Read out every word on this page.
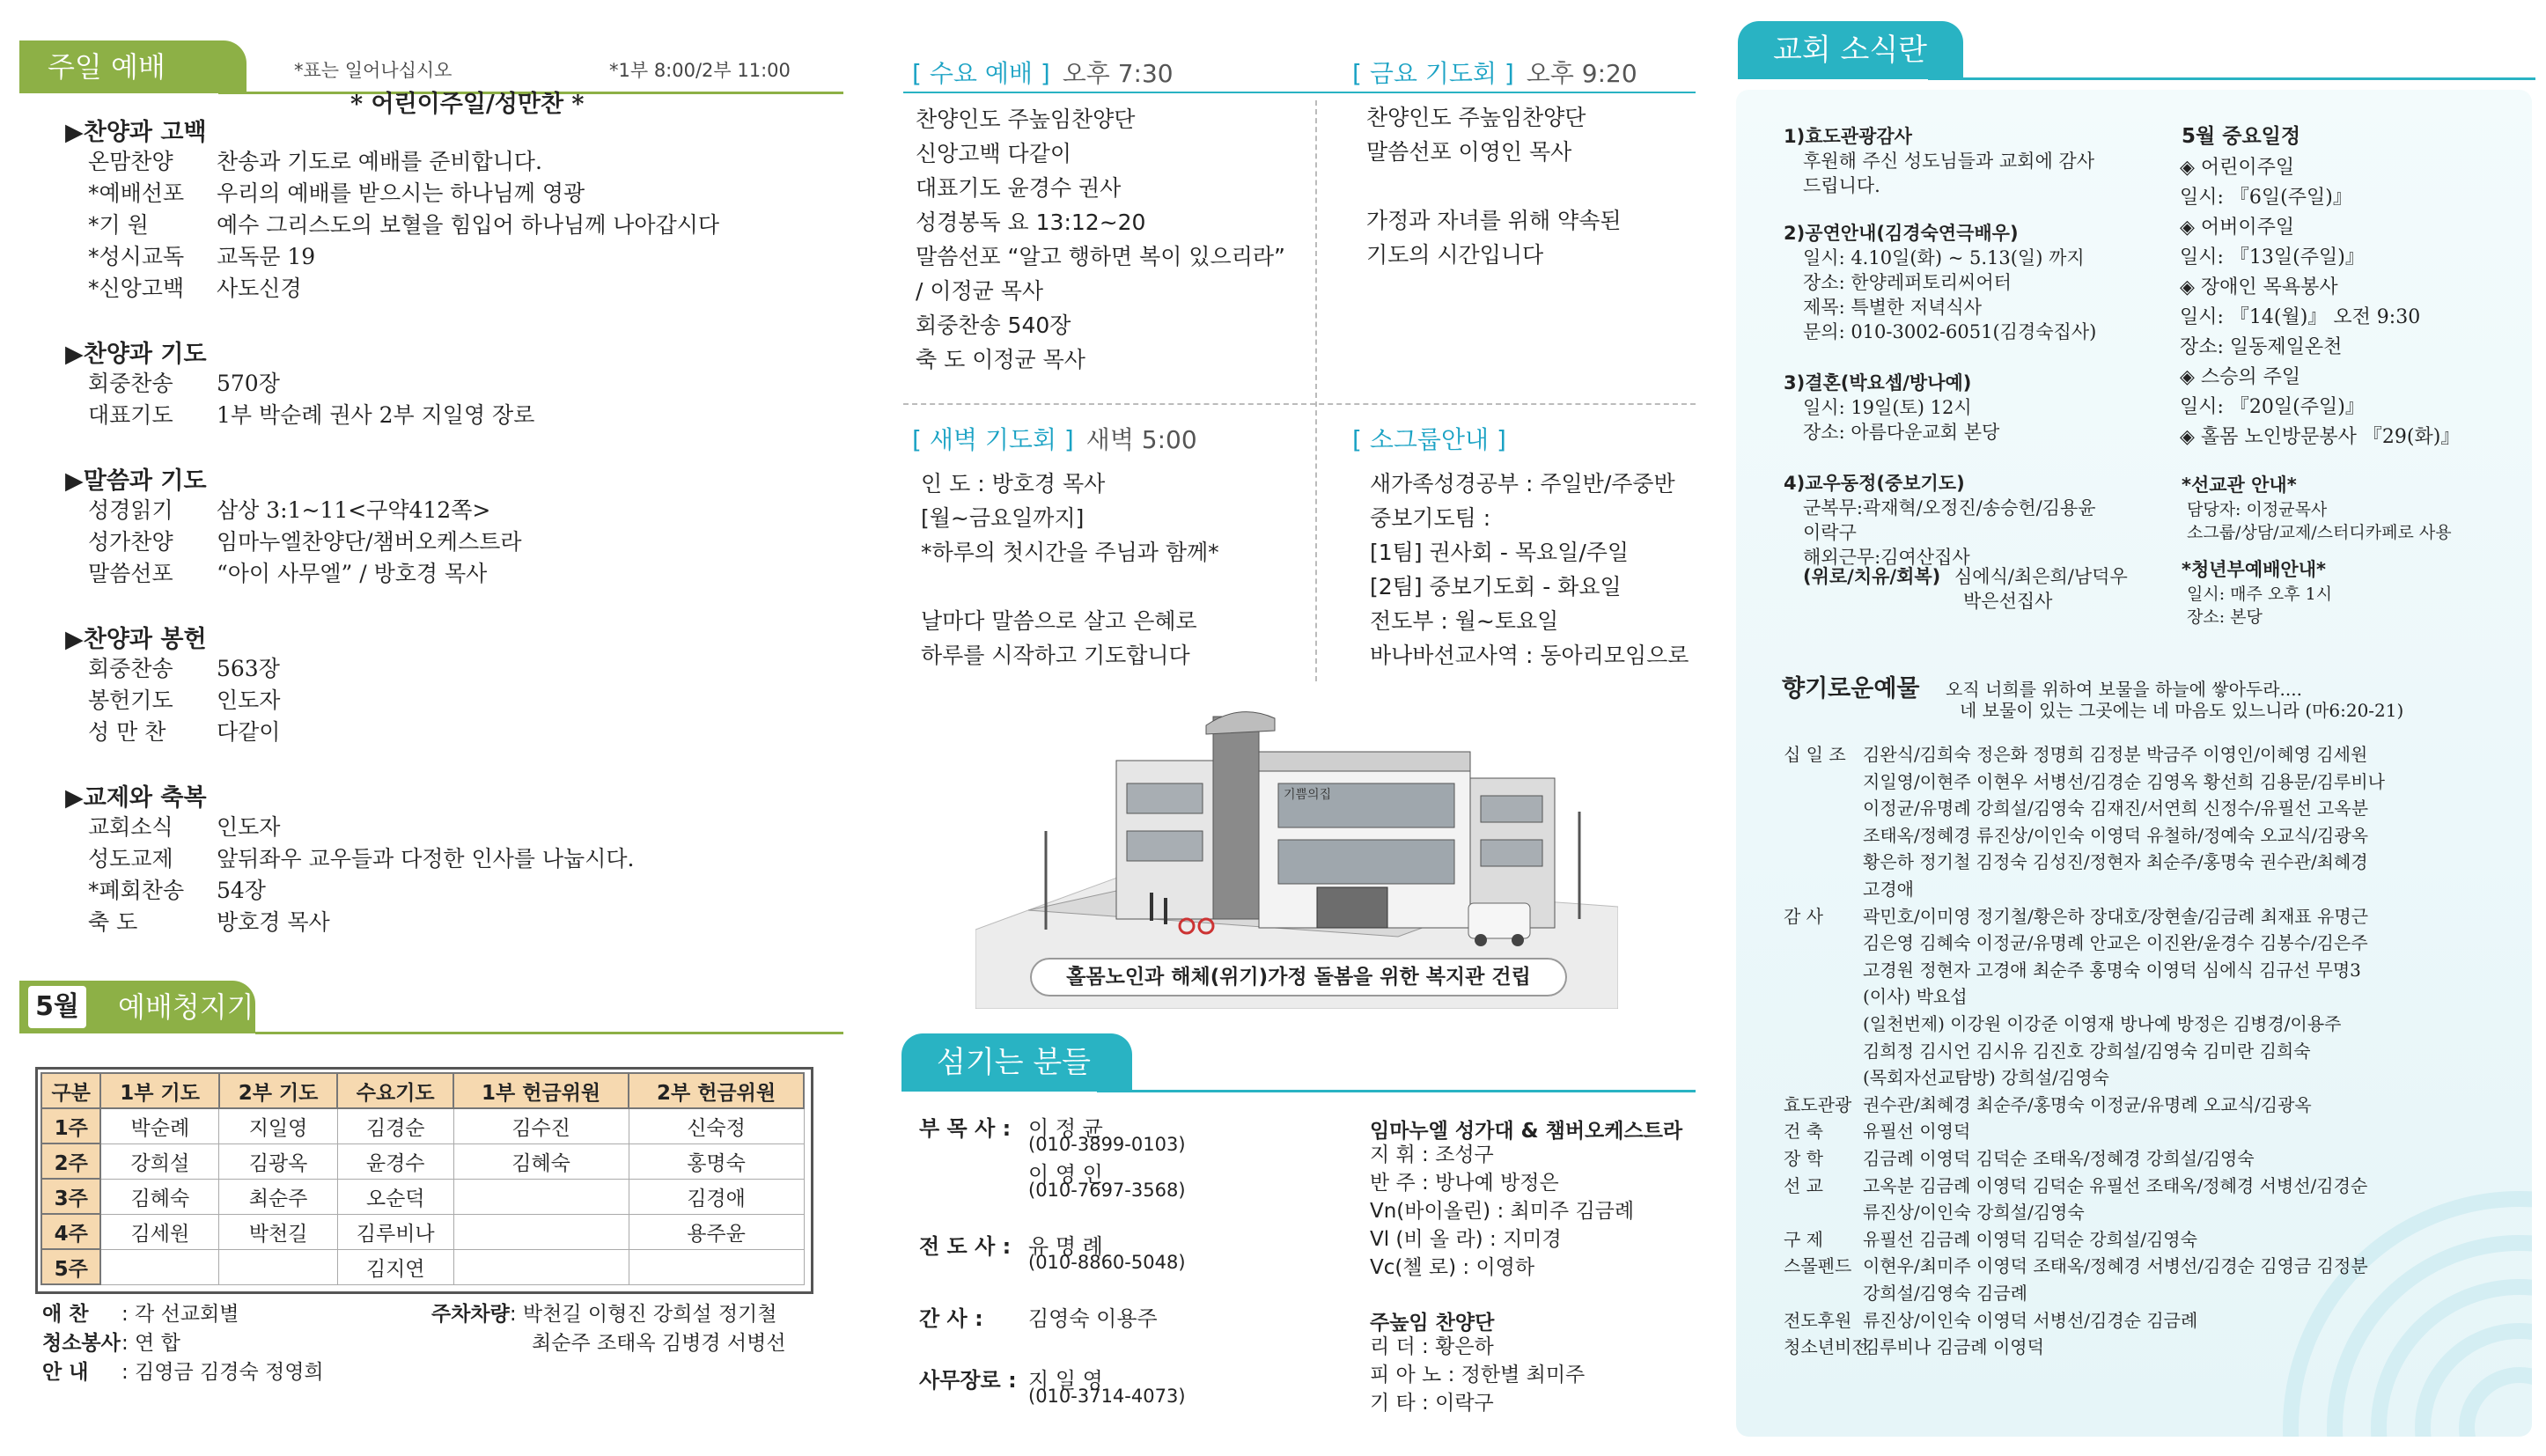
주일 예배	*표는 일어나십시오	*1부 8:00/2부 11:00
* 어린이주일/성만찬 *
▶찬양과 고백
온맘찬양 찬송과 기도로 예배를 준비합니다.
*예배선포 우리의 예배를 받으시는 하나님께 영광
*기 원	예수 그리스도의 보혈을 힘입어 하나님께 나아갑시다
*성시교독 교독문 19
*신앙고백 사도신경
▶찬양과 기도
회중찬송 570장
대표기도 1부 박순례 권사 2부 지일영 장로
▶말씀과 기도
성경읽기 삼상 3:1~11<구약412쪽>
성가찬양 임마누엘찬양단/챔버오케스트라
말씀선포 “아이 사무엘” / 방호경 목사
▶찬양과 봉헌
회중찬송 563장
봉헌기도 인도자
성 만 찬 다같이
▶교제와 축복
교회소식 인도자
성도교제 앞뒤좌우 교우들과 다정한 인사를 나눕시다.
*폐회찬송 54장
축 도	방호경 목사
5월 예배청지기
구분	1부 기도	2부 기도	수요기도	1부 헌금위원	2부 헌금위원
1주	박순례	지일영	김경순	김수진	신숙정
2주	강희설	김광옥	윤경수	김혜숙	홍명숙
3주	김혜숙	최순주	오순덕		김경애
4주	김세원	박천길	김루비나		용주윤
5주			김지연		
애 찬 : 각 선교회별
청소봉사: 연 합
안 내 : 김영금 김경숙 정영희
주차차량: 박천길 이형진 강희설 정기철
최순주 조태옥 김병경 서병선
[ 수요 예배 ] 오후 7:30	[ 금요 기도회 ] 오후 9:20
찬양인도 주높임찬양단
신앙고백 다같이
대표기도 윤경수 권사
성경봉독 요 13:12~20
말씀선포 “알고 행하면 복이 있으리라”
/ 이정균 목사
회중찬송 540장
축 도 이정균 목사
찬양인도 주높임찬양단
말씀선포 이영인 목사

가정과 자녀를 위해 약속된
기도의 시간입니다
[ 새벽 기도회 ] 새벽 5:00	[ 소그룹안내 ]
인 도 : 방호경 목사
[월~금요일까지]
*하루의 첫시간을 주님과 함께*

날마다 말씀으로 살고 은혜로
하루를 시작하고 기도합니다
새가족성경공부 : 주일반/주중반
중보기도팀 :
[1팀] 권사회 - 목요일/주일
[2팀] 중보기도회 - 화요일
전도부 : 월~토요일
바나바선교사역 : 동아리모임으로
기쁨의집
홀몸노인과 해체(위기)가정 돌봄을 위한 복지관 건립
섬기는 분들
부 목 사 : 이 정 균
(010-3899-0103)
이 영 인
(010-7697-3568)
전 도 사 : 유 명 례
(010-8860-5048)
간 사 : 김영숙 이용주
사무장로 : 지 일 영
(010-3714-4073)
임마누엘 성가대 & 챔버오케스트라
지 휘 : 조성구
반 주 : 방나예 방정은
Vn(바이올린) : 최미주 김금례
Vl (비 올 라) : 지미경
Vc(첼 로) : 이영하
주높임 찬양단
리 더 : 황은하
피 아 노 : 정한별 최미주
기 타 : 이락구
교회 소식란
1)효도관광감사
후원해 주신 성도님들과 교회에 감사
드립니다.
2)공연안내(김경숙연극배우)
일시: 4.10일(화) ~ 5.13(일) 까지
장소: 한양레퍼토리씨어터
제목: 특별한 저녁식사
문의: 010-3002-6051(김경숙집사)
3)결혼(박요셉/방나예)
일시: 19일(토) 12시
장소: 아름다운교회 본당
4)교우동정(중보기도)
군복무:곽재혁/오정진/송승헌/김용윤
이락구
해외근무:김여산집사
(위로/치유/회복) 심에식/최은희/남덕우
박은선집사
5월 중요일정
◈ 어린이주일
일시: 『6일(주일)』
◈ 어버이주일
일시: 『13일(주일)』
◈ 장애인 목욕봉사
일시: 『14(월)』 오전 9:30
장소: 일동제일온천
◈ 스승의 주일
일시: 『20일(주일)』
◈ 홀몸 노인방문봉사 『29(화)』
*선교관 안내*
담당자: 이정균목사
소그룹/상담/교제/스터디카페로 사용
*청년부예배안내*
일시: 매주 오후 1시
장소: 본당
향기로운예물 오직 너희를 위하여 보물을 하늘에 쌓아두라....
네 보물이 있는 그곳에는 네 마음도 있느니라 (마6:20-21)
십 일 조 김완식/김희숙 정은화 정명희 김정분 박금주 이영인/이혜영 김세원
지일영/이현주 이현우 서병선/김경순 김영옥 황선희 김용문/김루비나
이정균/유명례 강희설/김영숙 김재진/서연희 신정수/유필선 고옥분
조태옥/정혜경 류진상/이인숙 이영덕 유철하/정예숙 오교식/김광옥
황은하 정기철 김정숙 김성진/정현자 최순주/홍명숙 권수관/최혜경
고경애
감 사 곽민호/이미영 정기철/황은하 장대호/장현솔/김금례 최재표 유명근
김은영 김혜숙 이정균/유명례 안교은 이진완/윤경수 김봉수/김은주
고경원 정현자 고경애 최순주 홍명숙 이영덕 심에식 김규선 무명3
(이사) 박요섭
(일천번제) 이강원 이강준 이영재 방나예 방정은 김병경/이용주
김희정 김시언 김시유 김진호 강희설/김영숙 김미란 김희숙
(목회자선교탐방) 강희설/김영숙
효도관광 권수관/최혜경 최순주/홍명숙 이정균/유명례 오교식/김광옥
건 축 유필선 이영덕
장 학 김금례 이영덕 김덕순 조태옥/정혜경 강희설/김영숙
선 교 고옥분 김금례 이영덕 김덕순 유필선 조태옥/정혜경 서병선/김경순
류진상/이인숙 강희설/김영숙
구 제 유필선 김금례 이영덕 김덕순 강희설/김영숙
스몰펜드 이현우/최미주 이영덕 조태옥/정혜경 서병선/김경순 김영금 김정분
강희설/김영숙 김금례
전도후원 류진상/이인숙 이영덕 서병선/김경순 김금례
청소년비전김루비나 김금례 이영덕
